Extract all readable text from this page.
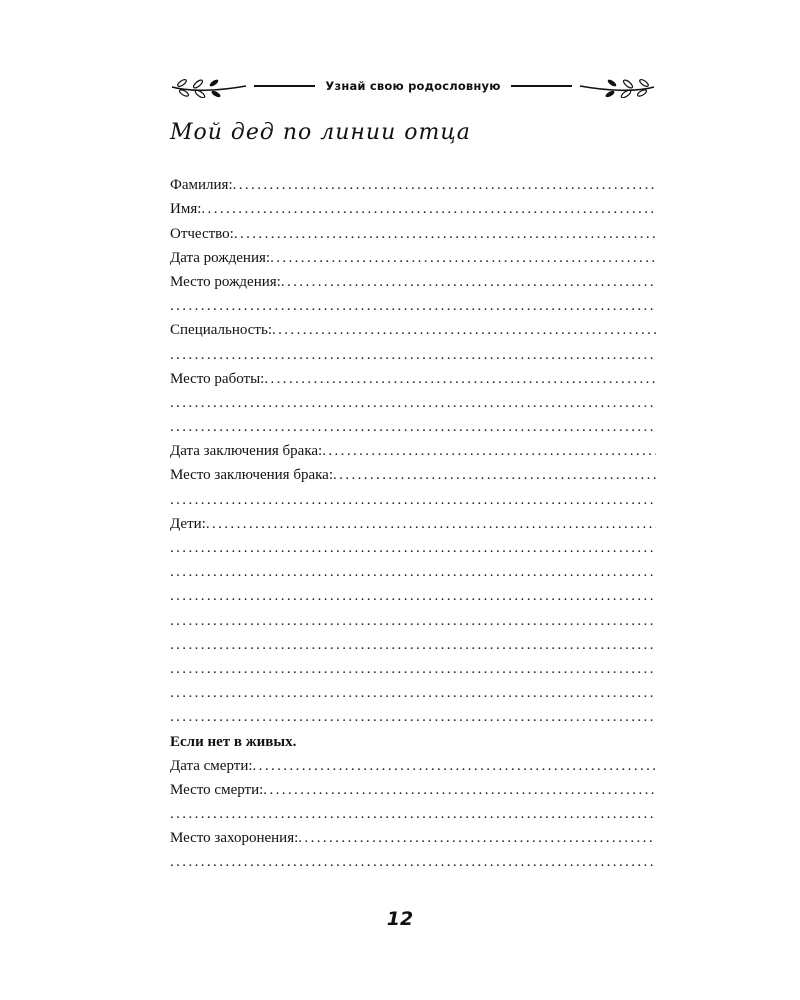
Узнай свою родословную
Мой дед по линии отца
Фамилия:
.....
Имя:
.....
Отчество:
.....
Дата рождения:
.....
Место рождения:
.....
.....
Специальность:
.....
.....
Место работы:
.....
.....
.....
Дата заключения брака:
.....
Место заключения брака:
.....
.....
Дети:
.....
.....
.....
.....
.....
.....
.....
.....
.....
Если нет в живых.
Дата смерти:
.....
Место смерти:
.....
.....
Место захоронения:
.....
.....
12
